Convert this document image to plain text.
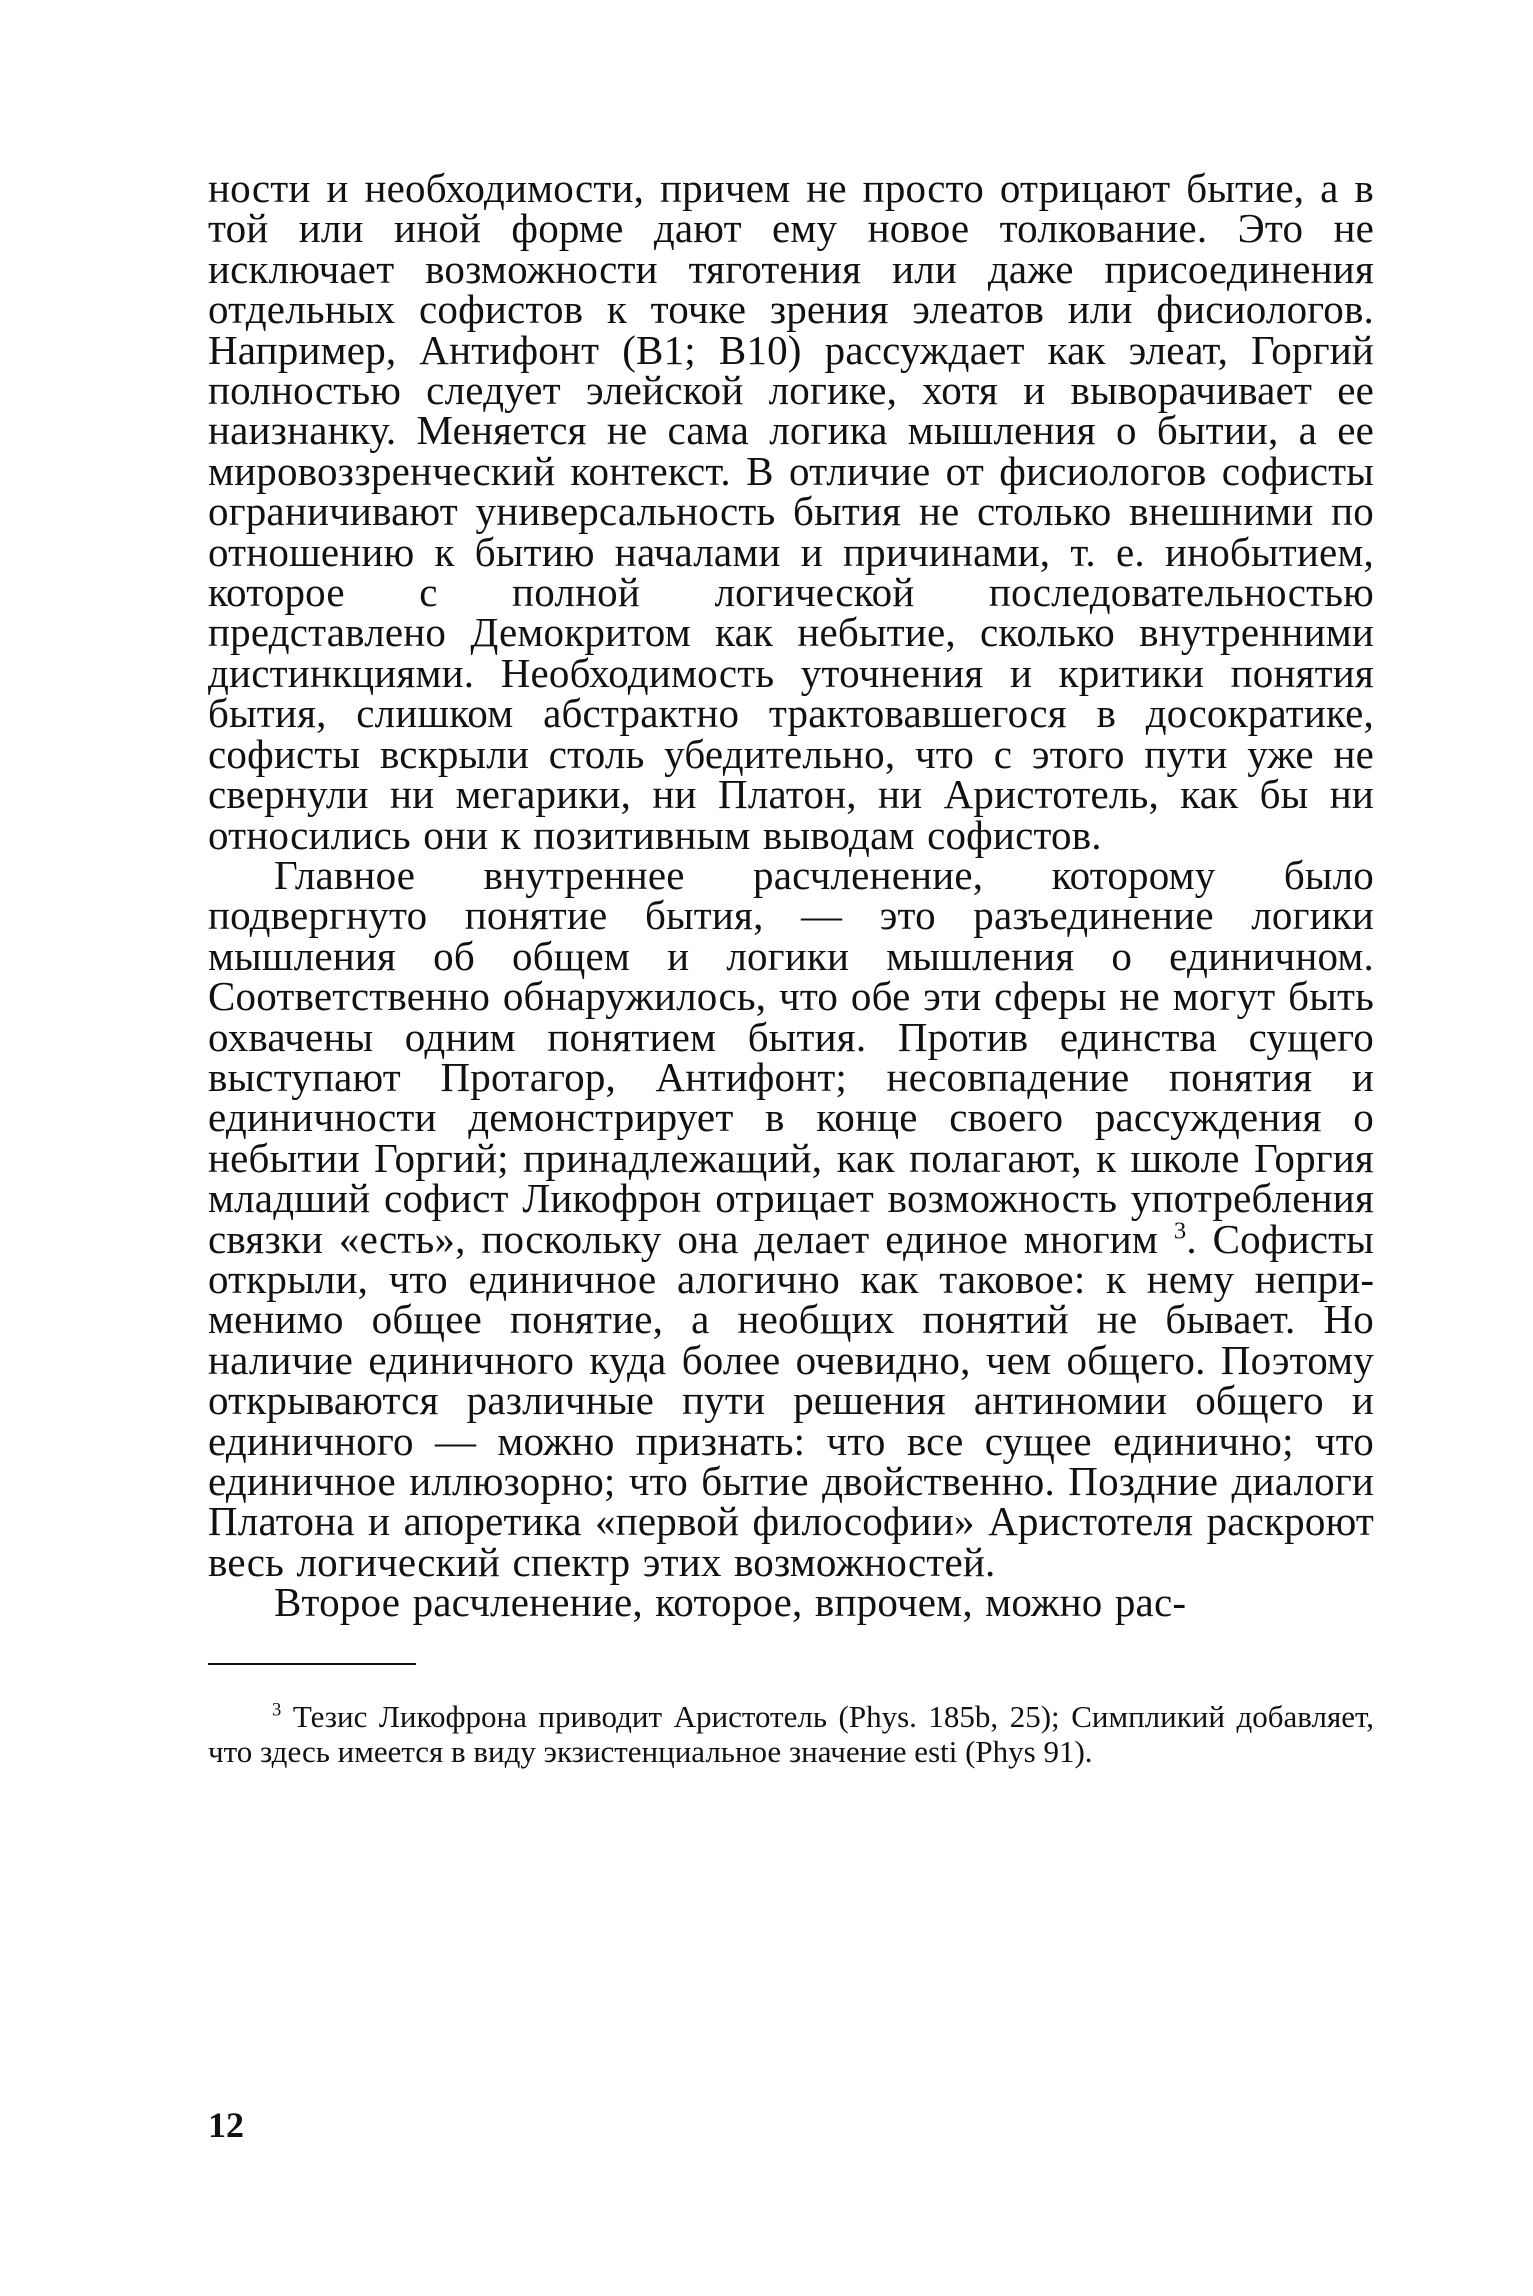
ности и необходимости, причем не просто отрицают бытие, а в той или иной форме дают ему новое толкование. Это не исключает возможности тяготения или даже присоединения отдельных софистов к точке зрения элеатов или фисиологов. Например, Антифонт (В1; В10) рассуждает как элеат, Горгий полностью следует элейской логике, хотя и выворачивает ее наизнанку. Меняется не сама логика мышления о бытии, а ее мировоззренческий контекст. В отличие от фисиологов софисты ограничивают универсальность бытия не столько внешними по отношению к бытию началами и причинами, т. е. инобытием, которое с полной логической последовательностью представлено Демокритом как небытие, сколько внутренними дистинкциями. Необходимость уточнения и критики понятия бытия, слишком абстрактно трактовавшегося в досократике, софисты вскрыли столь убедительно, что с этого пути уже не свернули ни мегарики, ни Платон, ни Аристотель, как бы ни относились они к позитивным выводам софистов.

Главное внутреннее расчленение, которому было подвергнуто понятие бытия, — это разъединение логики мышления об общем и логики мышления о единичном. Соответственно обнаружилось, что обе эти сферы не могут быть охвачены одним понятием бытия. Против единства сущего выступают Протагор, Антифонт; несовпадение понятия и единичности демонстрирует в конце своего рассуждения о небытии Горгий; принадлежащий, как полагают, к школе Горгия младший софист Ликофрон отрицает возможность употребления связки «есть», поскольку она делает единое многим $^3$. Софисты открыли, что единичное алогично как таковое: к нему неприменимо общее понятие, а необщих понятий не бывает. Но наличие единичного куда более очевидно, чем общего. Поэтому открываются различные пути решения антиномии общего и единичного — можно признать: что все сущее единично; что единичное иллюзорно; что бытие двойственно. Поздние диалоги Платона и апоретика «первой философии» Аристотеля раскроют весь логический спектр этих возможностей.

Второе расчленение, которое, впрочем, можно рас-

$^3$ Тезис Ликофрона приводит Аристотель (Phys. 185b, 25); Симпликий добавляет, что здесь имеется в виду экзистенциальное значение esti (Phys 91).
12
